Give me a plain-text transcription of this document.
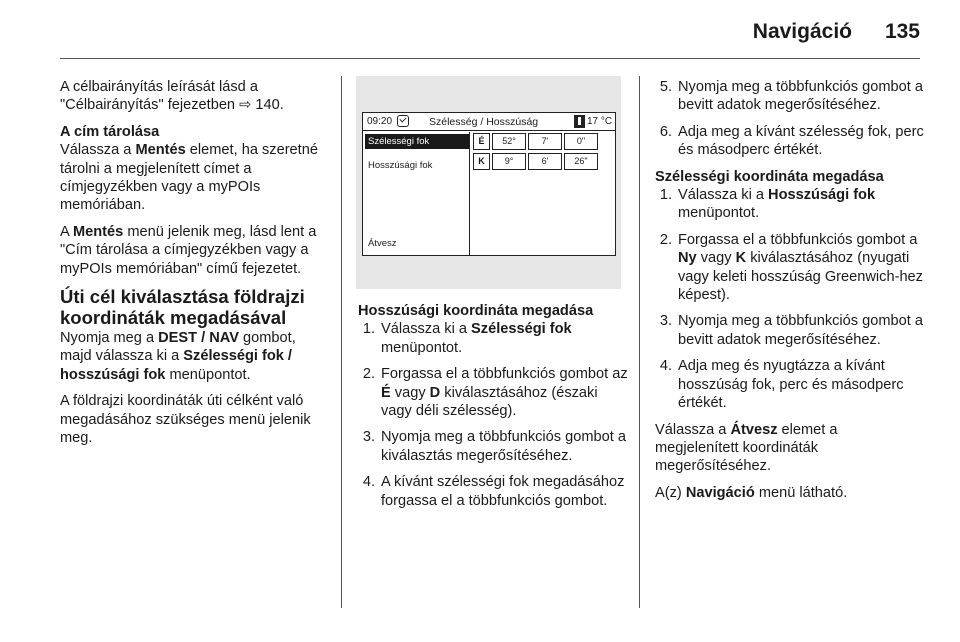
Navigáció 135

A célbairányítás leírását lásd a
"Célbairányítás" fejezetben ⇨ 140.

A cím tárolása

Válassza a Mentés elemet, ha szeretné tárolni a megjelenített címet a címjegyzékben vagy a myPOIs memóriában.

A Mentés menü jelenik meg, lásd lent a "Cím tárolása a címjegyzékben vagy a myPOIs memóriában" című fejezetet.

Úti cél kiválasztása földrajzi koordináták megadásával

Nyomja meg a DEST / NAV gombot, majd válassza ki a Szélességi fok / hosszúsági fok menüpontot.

A földrajzi koordináták úti célként való megadásához szükséges menü jelenik meg.

09:20	Szélesség / Hosszúság	17 °C
Szélességi fok
Hosszúsági fok
Átvesz
É	52°	7'	0"
K	9°	6'	26"
Hosszúsági koordináta megadása
1. Válassza ki a Szélességi fok menüpontot.
2. Forgassa el a többfunkciós gombot az É vagy D kiválasztásához (északi vagy déli szélesség).
3. Nyomja meg a többfunkciós gombot a kiválasztás megerősítéséhez.
4. A kívánt szélességi fok megadásához forgassa el a többfunkciós gombot.
5. Nyomja meg a többfunkciós gombot a bevitt adatok megerősítéséhez.
6. Adja meg a kívánt szélesség fok, perc és másodperc értékét.
Szélességi koordináta megadása
1. Válassza ki a Hosszúsági fok menüpontot.
2. Forgassa el a többfunkciós gombot a Ny vagy K kiválasztásához (nyugati vagy keleti hosszúság Greenwich-hez képest).
3. Nyomja meg a többfunkciós gombot a bevitt adatok megerősítéséhez.
4. Adja meg és nyugtázza a kívánt hosszúság fok, perc és másodperc értékét.

Válassza a Átvesz elemet a megjelenített koordináták megerősítéséhez.

A(z) Navigáció menü látható.
